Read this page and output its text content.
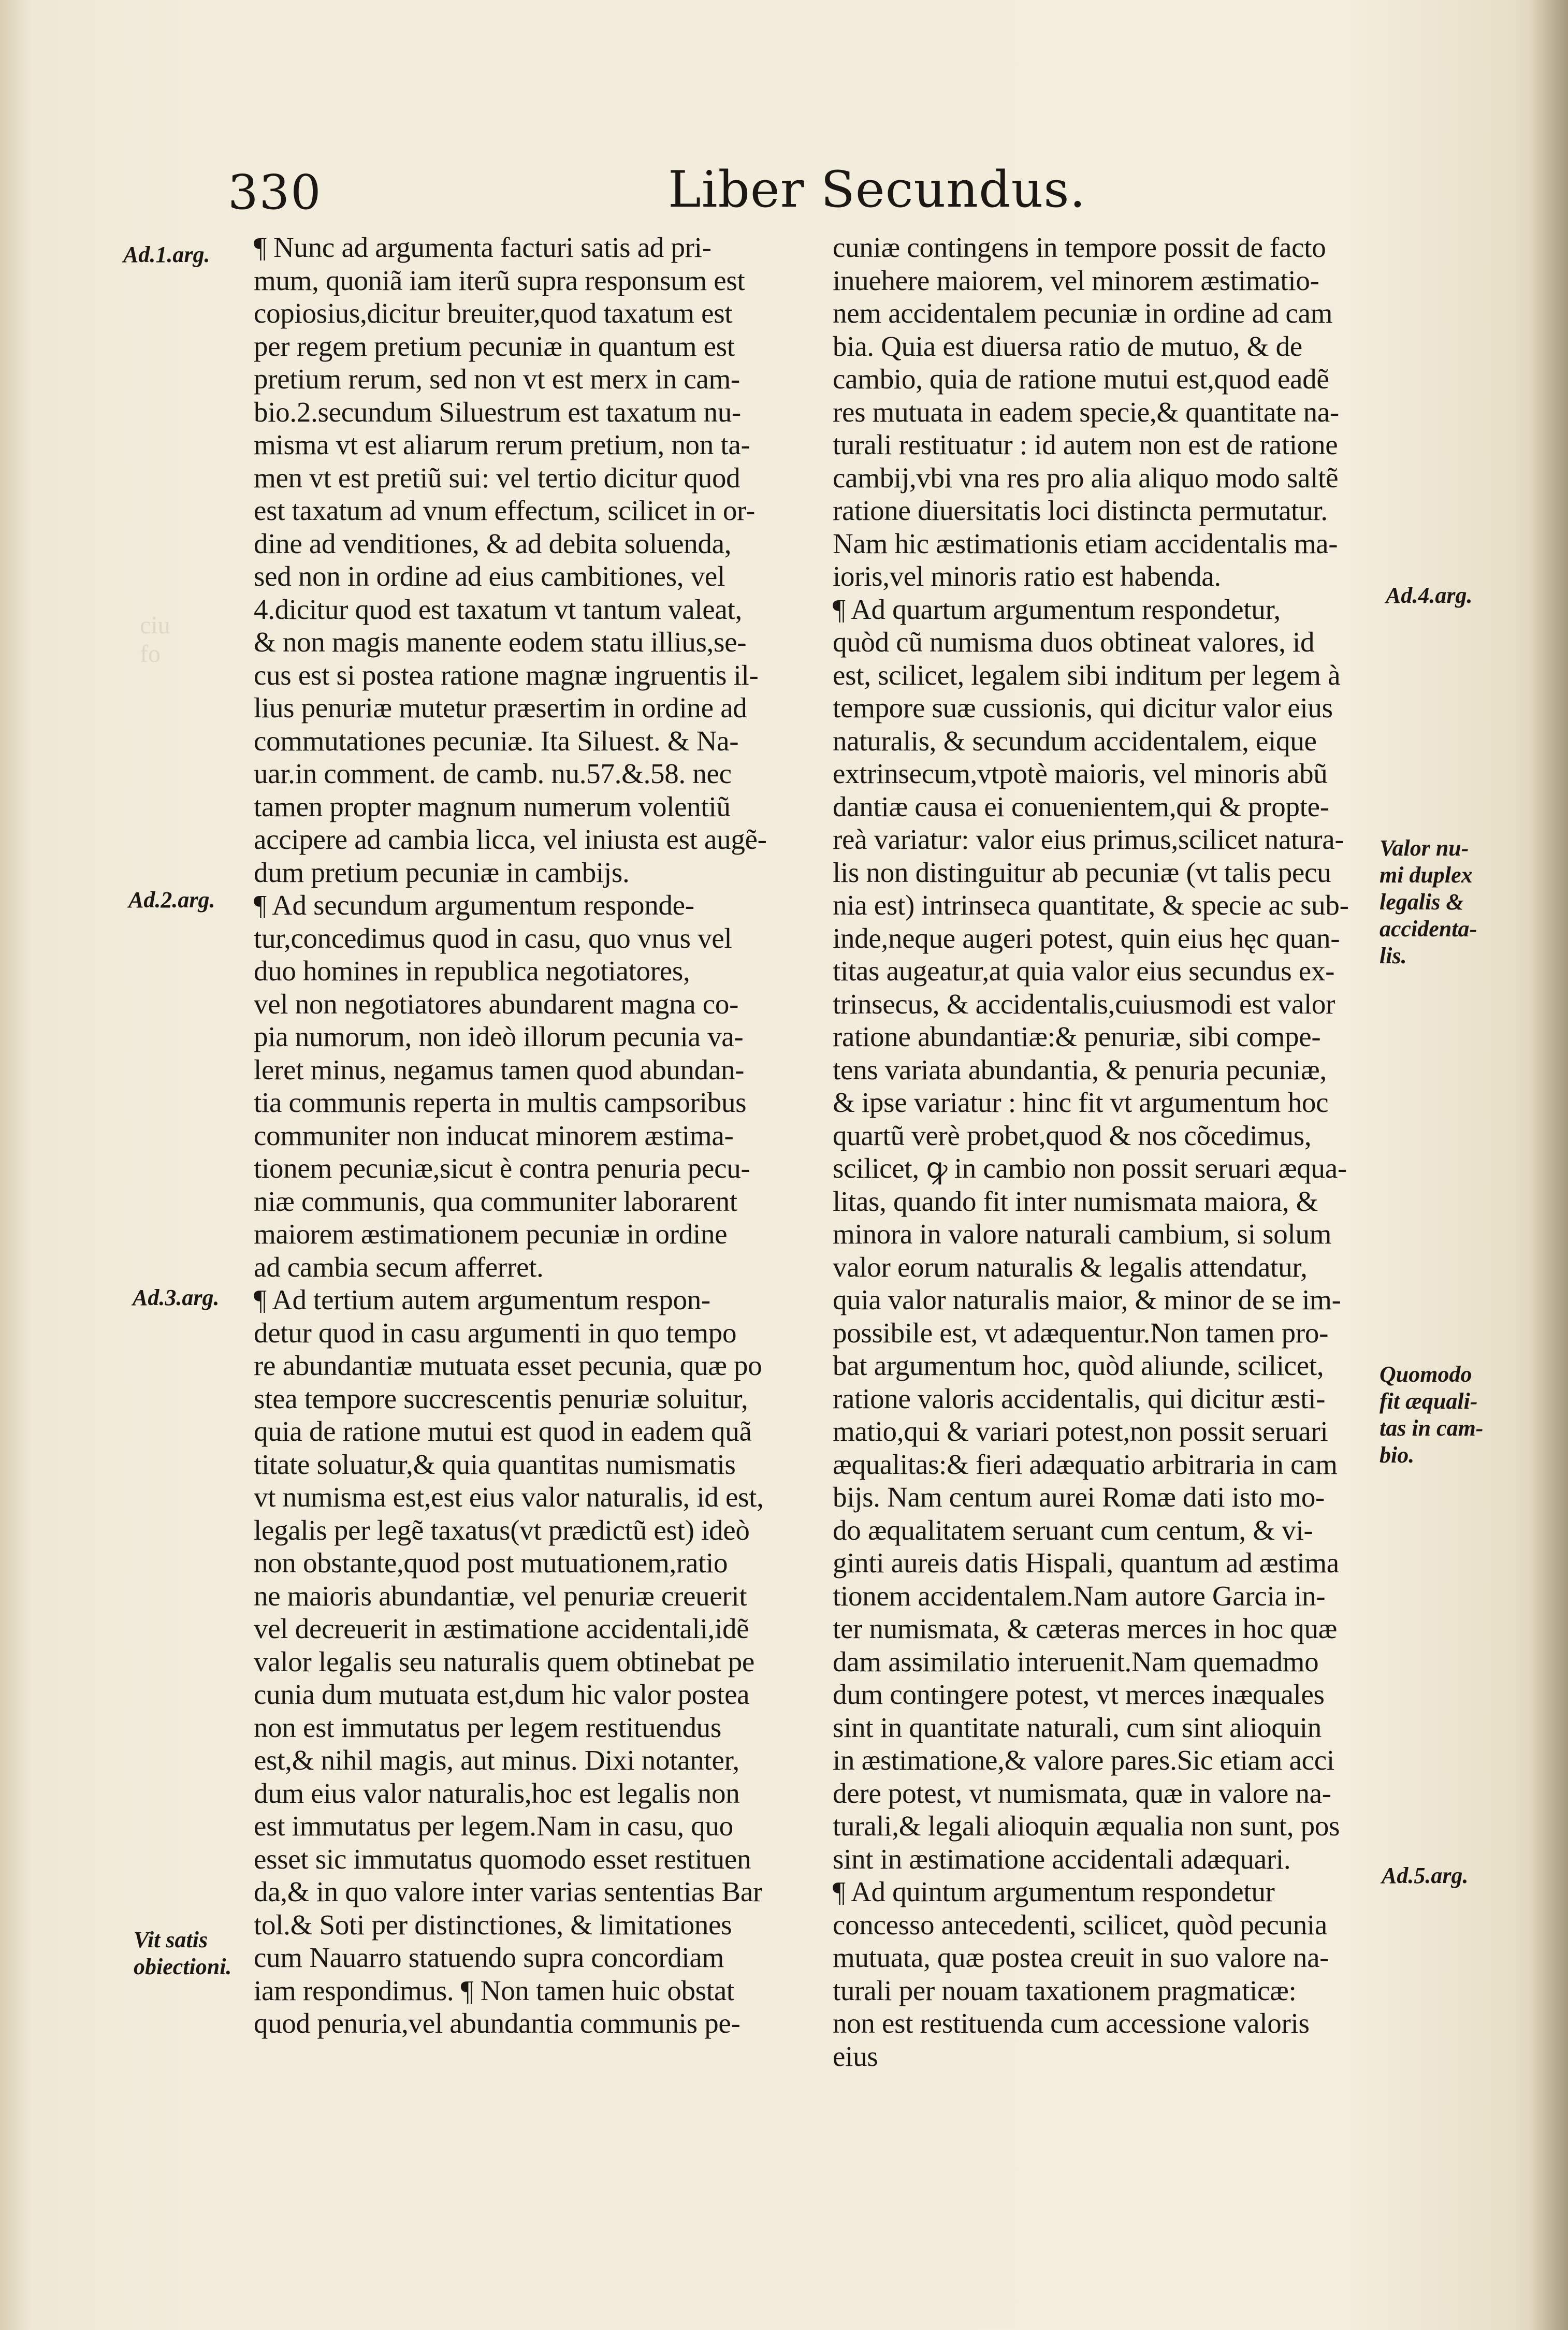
ciu
fo
330	Liber Secundus.
Ad.1.arg.
Ad.2.arg.
Ad.3.arg.
Vit satis
obiectioni.
Ad.4.arg.
Valor nu-
mi duplex
legalis &
accidenta-
lis.
Quomodo
fit æquali-
tas in cam-
bio.
Ad.5.arg.
¶ Nunc ad argumenta facturi satis ad pri-
mum, quoniã iam iterũ supra responsum est
copiosius,dicitur breuiter,quod taxatum est
per regem pretium pecuniæ in quantum est
pretium rerum, sed non vt est merx in cam-
bio.2.secundum Siluestrum est taxatum nu-
misma vt est aliarum rerum pretium, non ta-
men vt est pretiũ sui: vel tertio dicitur quod
est taxatum ad vnum effectum, scilicet in or-
dine ad venditiones, & ad debita soluenda,
sed non in ordine ad eius cambitiones, vel
4.dicitur quod est taxatum vt tantum valeat,
& non magis manente eodem statu illius,se-
cus est si postea ratione magnæ ingruentis il-
lius penuriæ mutetur præsertim in ordine ad
commutationes pecuniæ. Ita Siluest. & Na-
uar.in comment. de camb. nu.57.&.58. nec
tamen propter magnum numerum volentiũ
accipere ad cambia licca, vel iniusta est augẽ-
dum pretium pecuniæ in cambijs.
¶ Ad secundum argumentum responde-
tur,concedimus quod in casu, quo vnus vel
duo homines in republica negotiatores,
vel non negotiatores abundarent magna co-
pia numorum, non ideò illorum pecunia va-
leret minus, negamus tamen quod abundan-
tia communis reperta in multis campsoribus
communiter non inducat minorem æstima-
tionem pecuniæ,sicut è contra penuria pecu-
niæ communis, qua communiter laborarent
maiorem æstimationem pecuniæ in ordine
ad cambia secum afferret.
¶ Ad tertium autem argumentum respon-
detur quod in casu argumenti in quo tempo
re abundantiæ mutuata esset pecunia, quæ po
stea tempore succrescentis penuriæ soluitur,
quia de ratione mutui est quod in eadem quã
titate soluatur,& quia quantitas numismatis
vt numisma est,est eius valor naturalis, id est,
legalis per legẽ taxatus(vt prædictũ est) ideò
non obstante,quod post mutuationem,ratio
ne maioris abundantiæ, vel penuriæ creuerit
vel decreuerit in æstimatione accidentali,idẽ
valor legalis seu naturalis quem obtinebat pe
cunia dum mutuata est,dum hic valor postea
non est immutatus per legem restituendus
est,& nihil magis, aut minus. Dixi notanter,
dum eius valor naturalis,hoc est legalis non
est immutatus per legem.Nam in casu, quo
esset sic immutatus quomodo esset restituen
da,& in quo valore inter varias sententias Bar
tol.& Soti per distinctiones, & limitationes
cum Nauarro statuendo supra concordiam
iam respondimus. ¶ Non tamen huic obstat
quod penuria,vel abundantia communis pe-
cuniæ contingens in tempore possit de facto
inuehere maiorem, vel minorem æstimatio-
nem accidentalem pecuniæ in ordine ad cam
bia. Quia est diuersa ratio de mutuo, & de
cambio, quia de ratione mutui est,quod eadẽ
res mutuata in eadem specie,& quantitate na-
turali restituatur : id autem non est de ratione
cambij,vbi vna res pro alia aliquo modo saltẽ
ratione diuersitatis loci distincta permutatur.
Nam hic æstimationis etiam accidentalis ma-
ioris,vel minoris ratio est habenda.
¶ Ad quartum argumentum respondetur,
quòd cũ numisma duos obtineat valores, id
est, scilicet, legalem sibi inditum per legem à
tempore suæ cussionis, qui dicitur valor eius
naturalis, & secundum accidentalem, eique
extrinsecum,vtpotè maioris, vel minoris abũ
dantiæ causa ei conuenientem,qui & propte-
reà variatur: valor eius primus,scilicet natura-
lis non distinguitur ab pecuniæ (vt talis pecu
nia est) intrinseca quantitate, & specie ac sub-
inde,neque augeri potest, quin eius hęc quan-
titas augeatur,at quia valor eius secundus ex-
trinsecus, & accidentalis,cuiusmodi est valor
ratione abundantiæ:& penuriæ, sibi compe-
tens variata abundantia, & penuria pecuniæ,
& ipse variatur : hinc fit vt argumentum hoc
quartũ verè probet,quod & nos cõcedimus,
scilicet, ꝙ in cambio non possit seruari æqua-
litas, quando fit inter numismata maiora, &
minora in valore naturali cambium, si solum
valor eorum naturalis & legalis attendatur,
quia valor naturalis maior, & minor de se im-
possibile est, vt adæquentur.Non tamen pro-
bat argumentum hoc, quòd aliunde, scilicet,
ratione valoris accidentalis, qui dicitur æsti-
matio,qui & variari potest,non possit seruari
æqualitas:& fieri adæquatio arbitraria in cam
bijs. Nam centum aurei Romæ dati isto mo-
do æqualitatem seruant cum centum, & vi-
ginti aureis datis Hispali, quantum ad æstima
tionem accidentalem.Nam autore Garcia in-
ter numismata, & cæteras merces in hoc quæ
dam assimilatio interuenit.Nam quemadmo
dum contingere potest, vt merces inæquales
sint in quantitate naturali, cum sint alioquin
in æstimatione,& valore pares.Sic etiam acci
dere potest, vt numismata, quæ in valore na-
turali,& legali alioquin æqualia non sunt, pos
sint in æstimatione accidentali adæquari.
¶ Ad quintum argumentum respondetur
concesso antecedenti, scilicet, quòd pecunia
mutuata, quæ postea creuit in suo valore na-
turali per nouam taxationem pragmaticæ:
non est restituenda cum accessione valoris
eius
